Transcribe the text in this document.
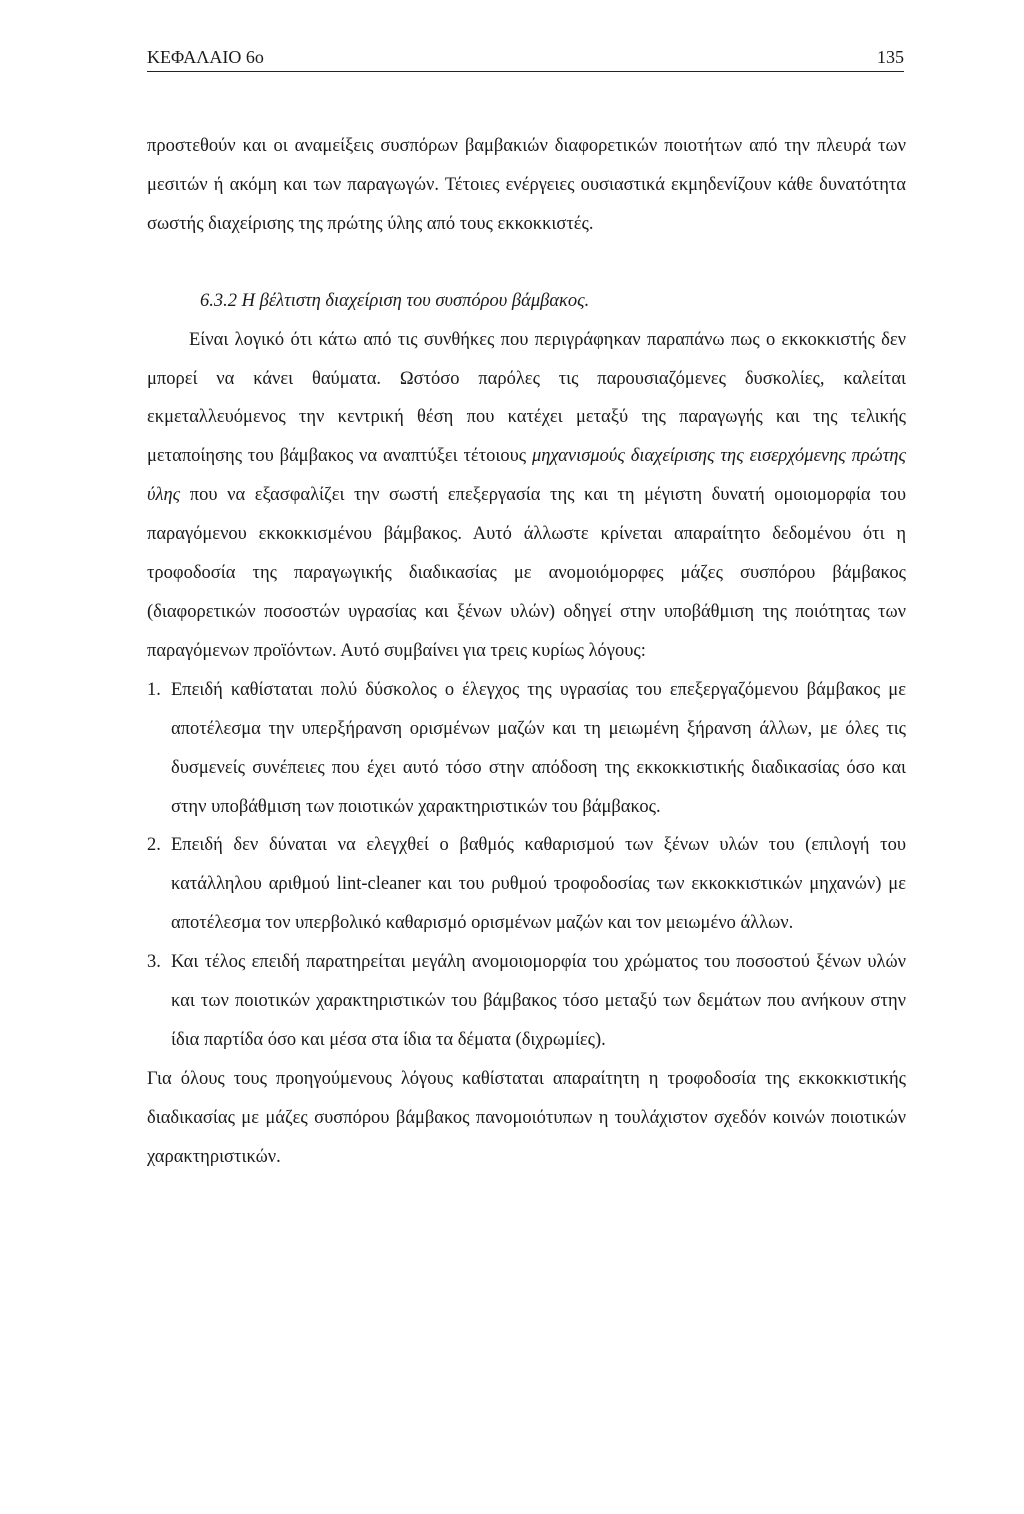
ΚΕΦΑΛΑΙΟ 6ο	135

προστεθούν και οι αναμείξεις συσπόρων βαμβακιών διαφορετικών ποιοτήτων από την πλευρά των μεσιτών ή ακόμη και των παραγωγών. Τέτοιες ενέργειες ουσιαστικά εκμηδενίζουν κάθε δυνατότητα σωστής διαχείρισης της πρώτης ύλης από τους εκκοκκιστές.

6.3.2 Η βέλτιστη διαχείριση του συσπόρου βάμβακος.

Είναι λογικό ότι κάτω από τις συνθήκες που περιγράφηκαν παραπάνω πως ο εκκοκκιστής δεν μπορεί να κάνει θαύματα. Ωστόσο παρόλες τις παρουσιαζόμενες δυσκολίες, καλείται εκμεταλλευόμενος την κεντρική θέση που κατέχει μεταξύ της παραγωγής και της τελικής μεταποίησης του βάμβακος να αναπτύξει τέτοιους μηχανισμούς διαχείρισης της εισερχόμενης πρώτης ύλης που να εξασφαλίζει την σωστή επεξεργασία της και τη μέγιστη δυνατή ομοιομορφία του παραγόμενου εκκοκκισμένου βάμβακος. Αυτό άλλωστε κρίνεται απαραίτητο δεδομένου ότι η τροφοδοσία της παραγωγικής διαδικασίας με ανομοιόμορφες μάζες συσπόρου βάμβακος (διαφορετικών ποσοστών υγρασίας και ξένων υλών) οδηγεί στην υποβάθμιση της ποιότητας των παραγόμενων προϊόντων. Αυτό συμβαίνει για τρεις κυρίως λόγους:

1. Επειδή καθίσταται πολύ δύσκολος ο έλεγχος της υγρασίας του επεξεργαζόμενου βάμβακος με αποτέλεσμα την υπερξήρανση ορισμένων μαζών και τη μειωμένη ξήρανση άλλων, με όλες τις δυσμενείς συνέπειες που έχει αυτό τόσο στην απόδοση της εκκοκκιστικής διαδικασίας όσο και στην υποβάθμιση των ποιοτικών χαρακτηριστικών του βάμβακος.
2. Επειδή δεν δύναται να ελεγχθεί ο βαθμός καθαρισμού των ξένων υλών του (επιλογή του κατάλληλου αριθμού lint-cleaner και του ρυθμού τροφοδοσίας των εκκοκκιστικών μηχανών) με αποτέλεσμα τον υπερβολικό καθαρισμό ορισμένων μαζών και τον μειωμένο άλλων.
3. Και τέλος επειδή παρατηρείται μεγάλη ανομοιομορφία του χρώματος του ποσοστού ξένων υλών και των ποιοτικών χαρακτηριστικών του βάμβακος τόσο μεταξύ των δεμάτων που ανήκουν στην ίδια παρτίδα όσο και μέσα στα ίδια τα δέματα (διχρωμίες).

Για όλους τους προηγούμενους λόγους καθίσταται απαραίτητη η τροφοδοσία της εκκοκκιστικής διαδικασίας με μάζες συσπόρου βάμβακος πανομοιότυπων η τουλάχιστον σχεδόν κοινών ποιοτικών χαρακτηριστικών.
